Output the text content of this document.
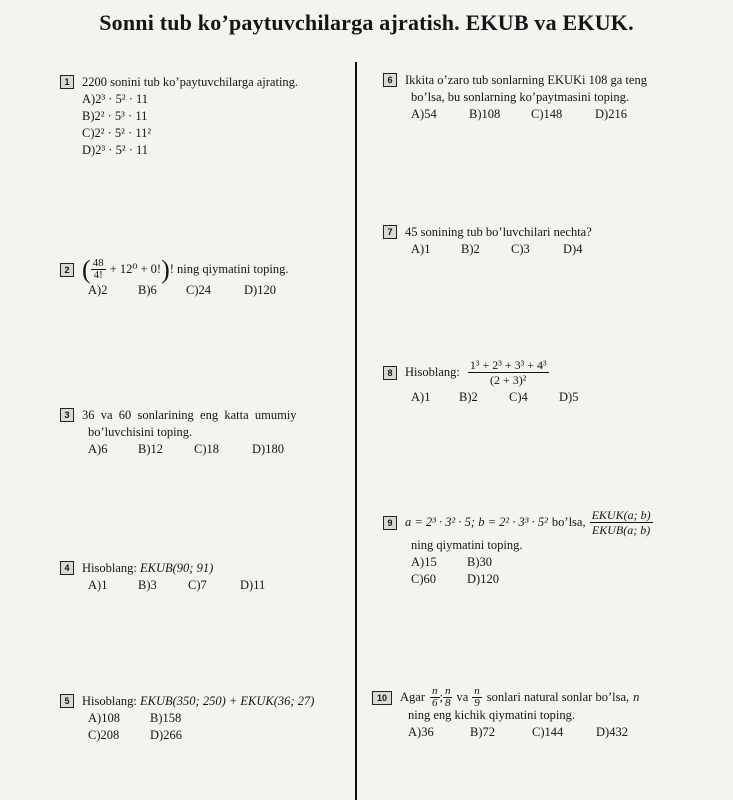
Sonni tub ko’paytuvchilarga ajratish. EKUB va EKUK.
1 2200 sonini tub ko’paytuvchilarga ajrating.
A)2³ · 5² · 11
B)2² · 5³ · 11
C)2² · 5² · 11²
D)2³ · 5² · 11
2 ( $\frac{48}{4!} + 12^0 + 0$! ) ! ning qiymatini toping.
A)2	B)6	C)24	D)120
3 36  va  60  sonlarining  eng  katta  umumiy
bo’luvchisini toping.
A)6	B)12	C)18	D)180
4 Hisoblang: EKUB(90; 91)
A)1	B)3	C)7	D)11
5 Hisoblang: EKUB(350; 250) + EKUK(36; 27)
A)108	B)158
C)208	D)266
6 Ikkita o’zaro tub sonlarning EKUKi 108 ga teng
bo’lsa, bu sonlarning ko’paytmasini toping.
A)54	B)108	C)148	D)216
7 45 sonining tub bo’luvchilari nechta?
A)1	B)2	C)3	D)4
8	Hisoblang: $\frac{\text{1³ + 2³ + 3³ + 4³}}{\text{(2 + 3)²}}$
A)1	B)2	C)4	D)5
9	a = 2³ · 3² · 5; b = 2² · 3³ · 5² bo’lsa, $\frac{\text{EKUK(a; b)}}{\text{EKUB(a; b)}}$
ning qiymatini toping.
A)15	B)30
C)60	D)120
10	Agar $\frac{n}{6}$ ; $\frac{n}{8}$ va $\frac{n}{9}$ sonlari natural sonlar bo’lsa, n
ning eng kichik qiymatini toping.
A)36	B)72	C)144	D)432
